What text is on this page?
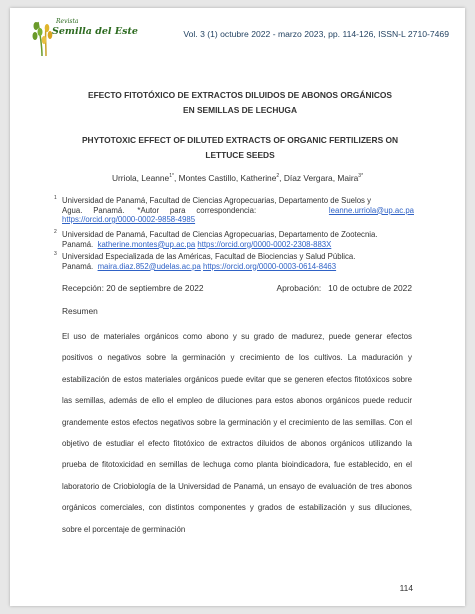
Revista
Semilla del Este	Vol. 3 (1) octubre 2022 - marzo 2023, pp. 114-126, ISSN-L 2710-7469
EFECTO FITOTÓXICO DE EXTRACTOS DILUIDOS DE ABONOS ORGÁNICOS
EN SEMILLAS DE LECHUGA
PHYTOTOXIC EFFECT OF DILUTED EXTRACTS OF ORGANIC FERTILIZERS ON
LETTUCE SEEDS
Urriola, Leanne$^{1*}$, Montes Castillo, Katherine$^2$, Díaz Vergara, Maira$^{3*}$
1 Universidad de Panamá, Facultad de Ciencias Agropecuarias, Departamento de Suelos y
Agua.     Panamá.      *Autor     para     correspondencia:	leanne.urriola@up.ac.pa
https://orcid.org/0000-0002-9858-4985
2 Universidad de Panamá, Facultad de Ciencias Agropecuarias, Departamento de Zootecnia.
Panamá. katherine.montes@up.ac.pa https://orcid.org/0000-0002-2308-883X
3 Universidad Especializada de las Américas, Facultad de Biociencias y Salud Pública.
Panamá. maira.diaz.852@udelas.ac.pa https://orcid.org/0000-0003-0614-8463
Recepción: 20 de septiembre de 2022	Aprobación:   10 de octubre de 2022
Resumen
El uso de materiales orgánicos como abono y su grado de madurez, puede generar efectos positivos o negativos sobre la germinación y crecimiento de los cultivos. La maduración y estabilización de estos materiales orgánicos puede evitar que se generen efectos fitotóxicos sobre las semillas, además de ello el empleo de diluciones para estos abonos orgánicos puede reducir grandemente estos efectos negativos sobre la germinación y el crecimiento de las semillas. Con el objetivo de estudiar el efecto fitotóxico de extractos diluidos de abonos orgánicos utilizando la prueba de fitotoxicidad en semillas de lechuga como planta bioindicadora, fue establecido, en el laboratorio de Criobiología de la Universidad de Panamá, un ensayo de evaluación de tres abonos orgánicos comerciales, con distintos componentes y grados de estabilización y sus diluciones, sobre el porcentaje de germinación
114
